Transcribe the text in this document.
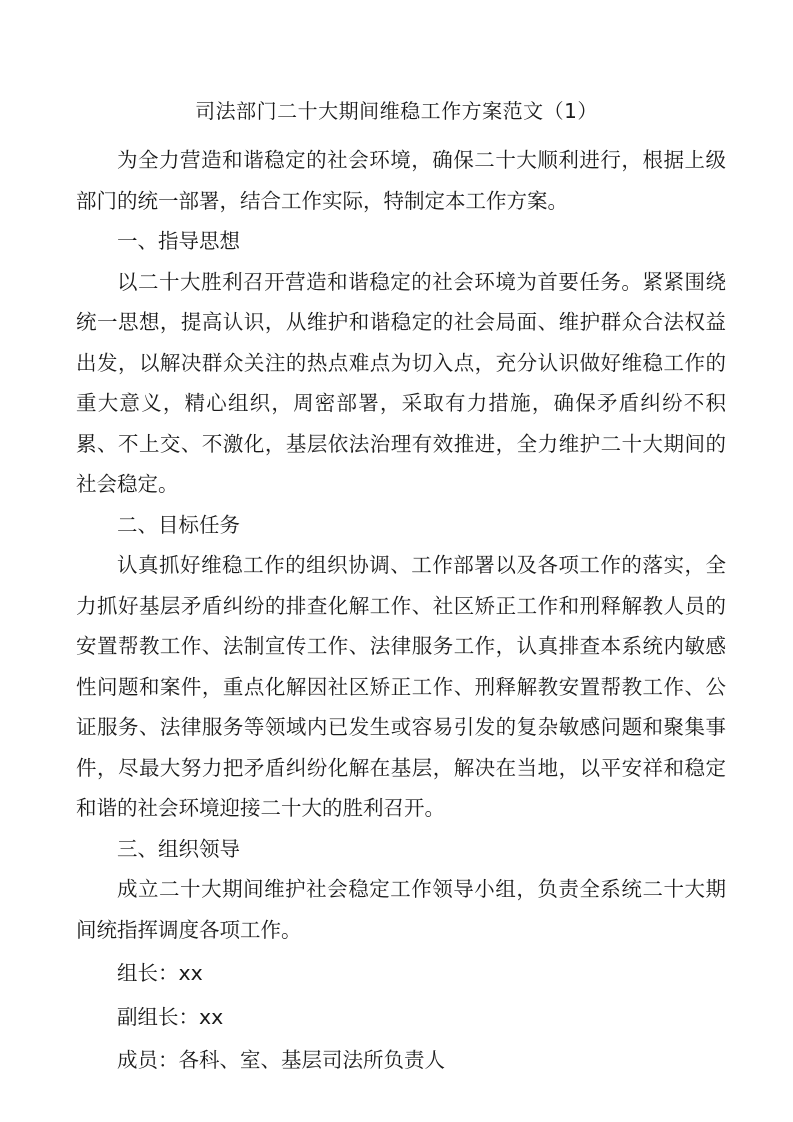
司法部门二十大期间维稳工作方案范文（1）

为全力营造和谐稳定的社会环境，确保二十大顺利进行，根据上级部门的统一部署，结合工作实际，特制定本工作方案。

一、指导思想

以二十大胜利召开营造和谐稳定的社会环境为首要任务。紧紧围绕统一思想，提高认识，从维护和谐稳定的社会局面、维护群众合法权益出发，以解决群众关注的热点难点为切入点，充分认识做好维稳工作的重大意义，精心组织，周密部署，采取有力措施，确保矛盾纠纷不积累、不上交、不激化，基层依法治理有效推进，全力维护二十大期间的社会稳定。

二、目标任务

认真抓好维稳工作的组织协调、工作部署以及各项工作的落实，全力抓好基层矛盾纠纷的排查化解工作、社区矫正工作和刑释解教人员的安置帮教工作、法制宣传工作、法律服务工作，认真排查本系统内敏感性问题和案件，重点化解因社区矫正工作、刑释解教安置帮教工作、公证服务、法律服务等领域内已发生或容易引发的复杂敏感问题和聚集事件，尽最大努力把矛盾纠纷化解在基层，解决在当地，以平安祥和稳定和谐的社会环境迎接二十大的胜利召开。

三、组织领导

成立二十大期间维护社会稳定工作领导小组，负责全系统二十大期间统指挥调度各项工作。

组长：xx

副组长：xx

成员：各科、室、基层司法所负责人
